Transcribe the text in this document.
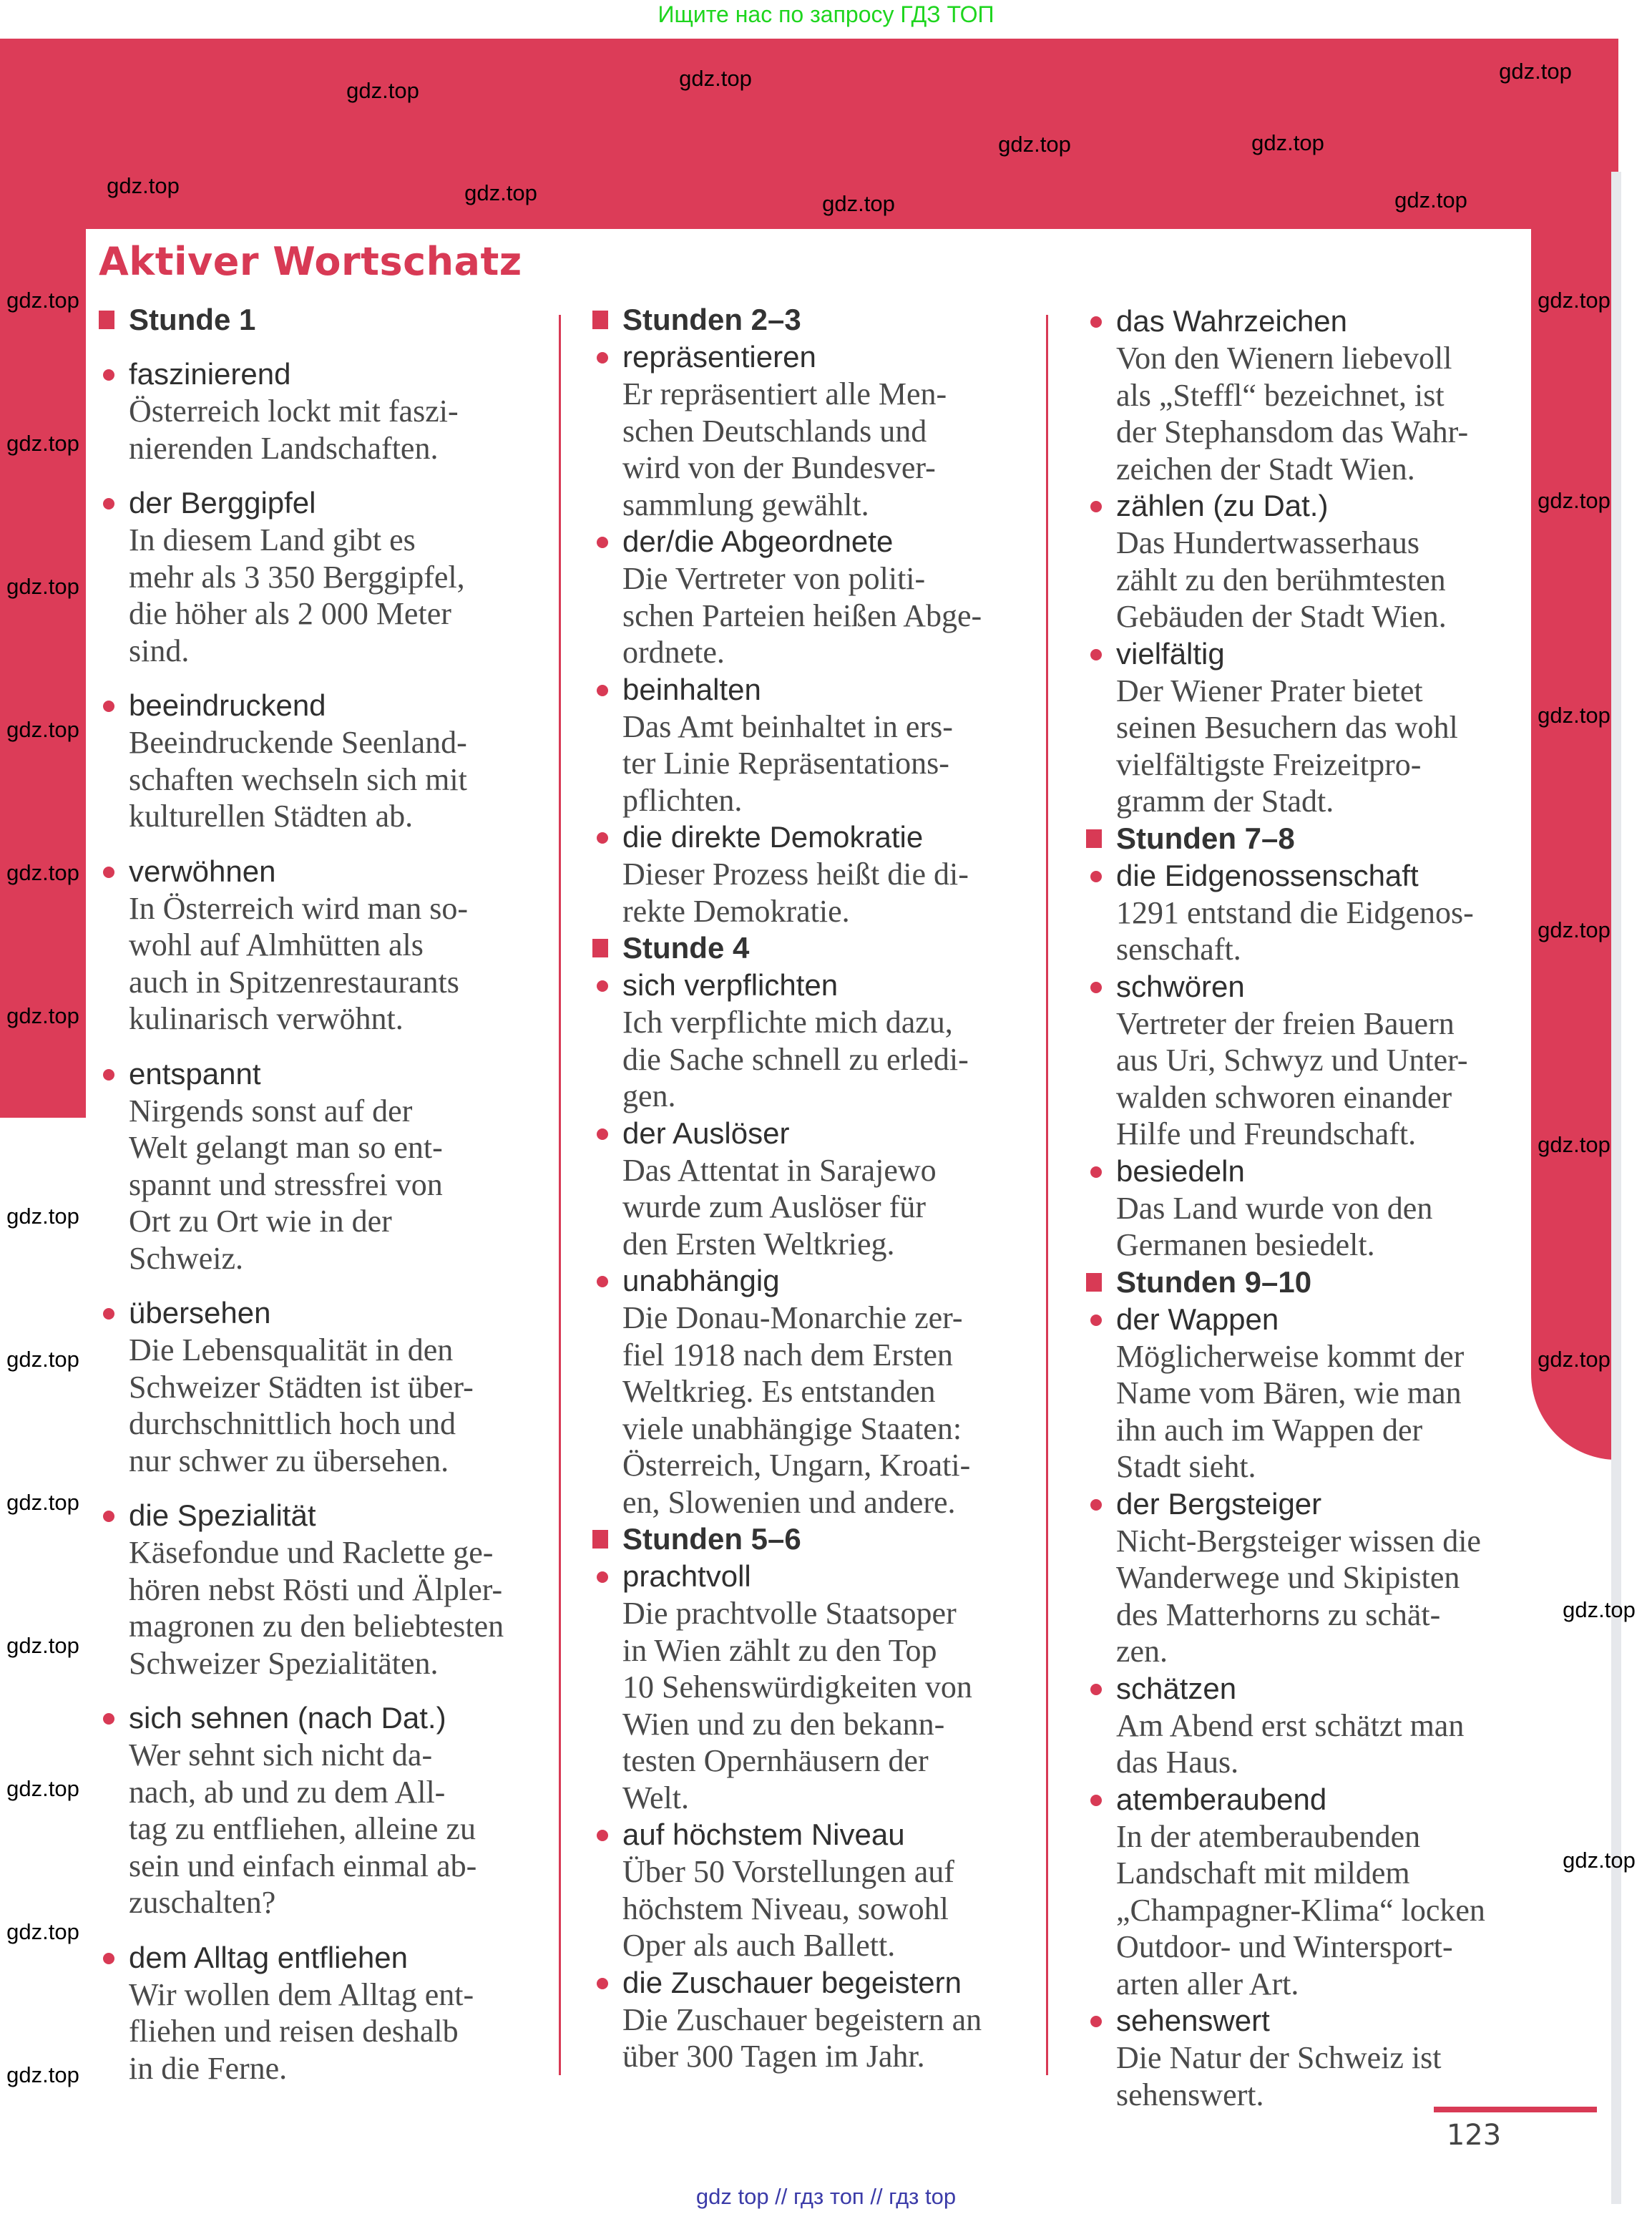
Ищите нас по запросу ГДЗ ТОП
Aktiver Wortschatz
Stunde 1
faszinierend
Österreich lockt mit faszi-
nierenden Landschaften.
der Berggipfel
In diesem Land gibt es
mehr als 3 350 Berggipfel,
die höher als 2 000 Meter
sind.
beeindruckend
Beeindruckende Seenland-
schaften wechseln sich mit
kulturellen Städten ab.
verwöhnen
In Österreich wird man so-
wohl auf Almhütten als
auch in Spitzenrestaurants
kulinarisch verwöhnt.
entspannt
Nirgends sonst auf der
Welt gelangt man so ent-
spannt und stressfrei von
Ort zu Ort wie in der
Schweiz.
übersehen
Die Lebensqualität in den
Schweizer Städten ist über-
durchschnittlich hoch und
nur schwer zu übersehen.
die Spezialität
Käsefondue und Raclette ge-
hören nebst Rösti und Älpler-
magronen zu den beliebtesten
Schweizer Spezialitäten.
sich sehnen (nach Dat.)
Wer sehnt sich nicht da-
nach, ab und zu dem All-
tag zu entfliehen, alleine zu
sein und einfach einmal ab-
zuschalten?
dem Alltag entfliehen
Wir wollen dem Alltag ent-
fliehen und reisen deshalb
in die Ferne.
Stunden 2–3
repräsentieren
Er repräsentiert alle Men-
schen Deutschlands und
wird von der Bundesver-
sammlung gewählt.
der/die Abgeordnete
Die Vertreter von politi-
schen Parteien heißen Abge-
ordnete.
beinhalten
Das Amt beinhaltet in ers-
ter Linie Repräsentations-
pflichten.
die direkte Demokratie
Dieser Prozess heißt die di-
rekte Demokratie.
Stunde 4
sich verpflichten
Ich verpflichte mich dazu,
die Sache schnell zu erledi-
gen.
der Auslöser
Das Attentat in Sarajewo
wurde zum Auslöser für
den Ersten Weltkrieg.
unabhängig
Die Donau-Monarchie zer-
fiel 1918 nach dem Ersten
Weltkrieg. Es entstanden
viele unabhängige Staaten:
Österreich, Ungarn, Kroati-
en, Slowenien und andere.
Stunden 5–6
prachtvoll
Die prachtvolle Staatsoper
in Wien zählt zu den Top
10 Sehenswürdigkeiten von
Wien und zu den bekann-
testen Opernhäusern der
Welt.
auf höchstem Niveau
Über 50 Vorstellungen auf
höchstem Niveau, sowohl
Oper als auch Ballett.
die Zuschauer begeistern
Die Zuschauer begeistern an
über 300 Tagen im Jahr.
das Wahrzeichen
Von den Wienern liebevoll
als „Steffl“ bezeichnet, ist
der Stephansdom das Wahr-
zeichen der Stadt Wien.
zählen (zu Dat.)
Das Hundertwasserhaus
zählt zu den berühmtesten
Gebäuden der Stadt Wien.
vielfältig
Der Wiener Prater bietet
seinen Besuchern das wohl
vielfältigste Freizeitpro-
gramm der Stadt.
Stunden 7–8
die Eidgenossenschaft
1291 entstand die Eidgenos-
senschaft.
schwören
Vertreter der freien Bauern
aus Uri, Schwyz und Unter-
walden schworen einander
Hilfe und Freundschaft.
besiedeln
Das Land wurde von den
Germanen besiedelt.
Stunden 9–10
der Wappen
Möglicherweise kommt der
Name vom Bären, wie man
ihn auch im Wappen der
Stadt sieht.
der Bergsteiger
Nicht-Bergsteiger wissen die
Wanderwege und Skipisten
des Matterhorns zu schät-
zen.
schätzen
Am Abend erst schätzt man
das Haus.
atemberaubend
In der atemberaubenden
Landschaft mit mildem
„Champagner-Klima“ locken
Outdoor- und Wintersport-
arten aller Art.
sehenswert
Die Natur der Schweiz ist
sehenswert.
gdz.top
gdz.top
gdz.top
gdz.top
gdz.top
gdz.top
gdz.top
gdz.top	gdz.top
gdz.top
gdz.top
gdz.top
gdz.top
gdz.top
gdz.top
gdz.top
gdz.top
gdz.top
gdz.top
gdz.top
gdz.top
gdz.top
gdz.top
gdz.top
gdz.top
gdz.top
gdz.top
gdz.top
gdz.top
gdz.top
123
gdz top // гдз топ // гдз top
